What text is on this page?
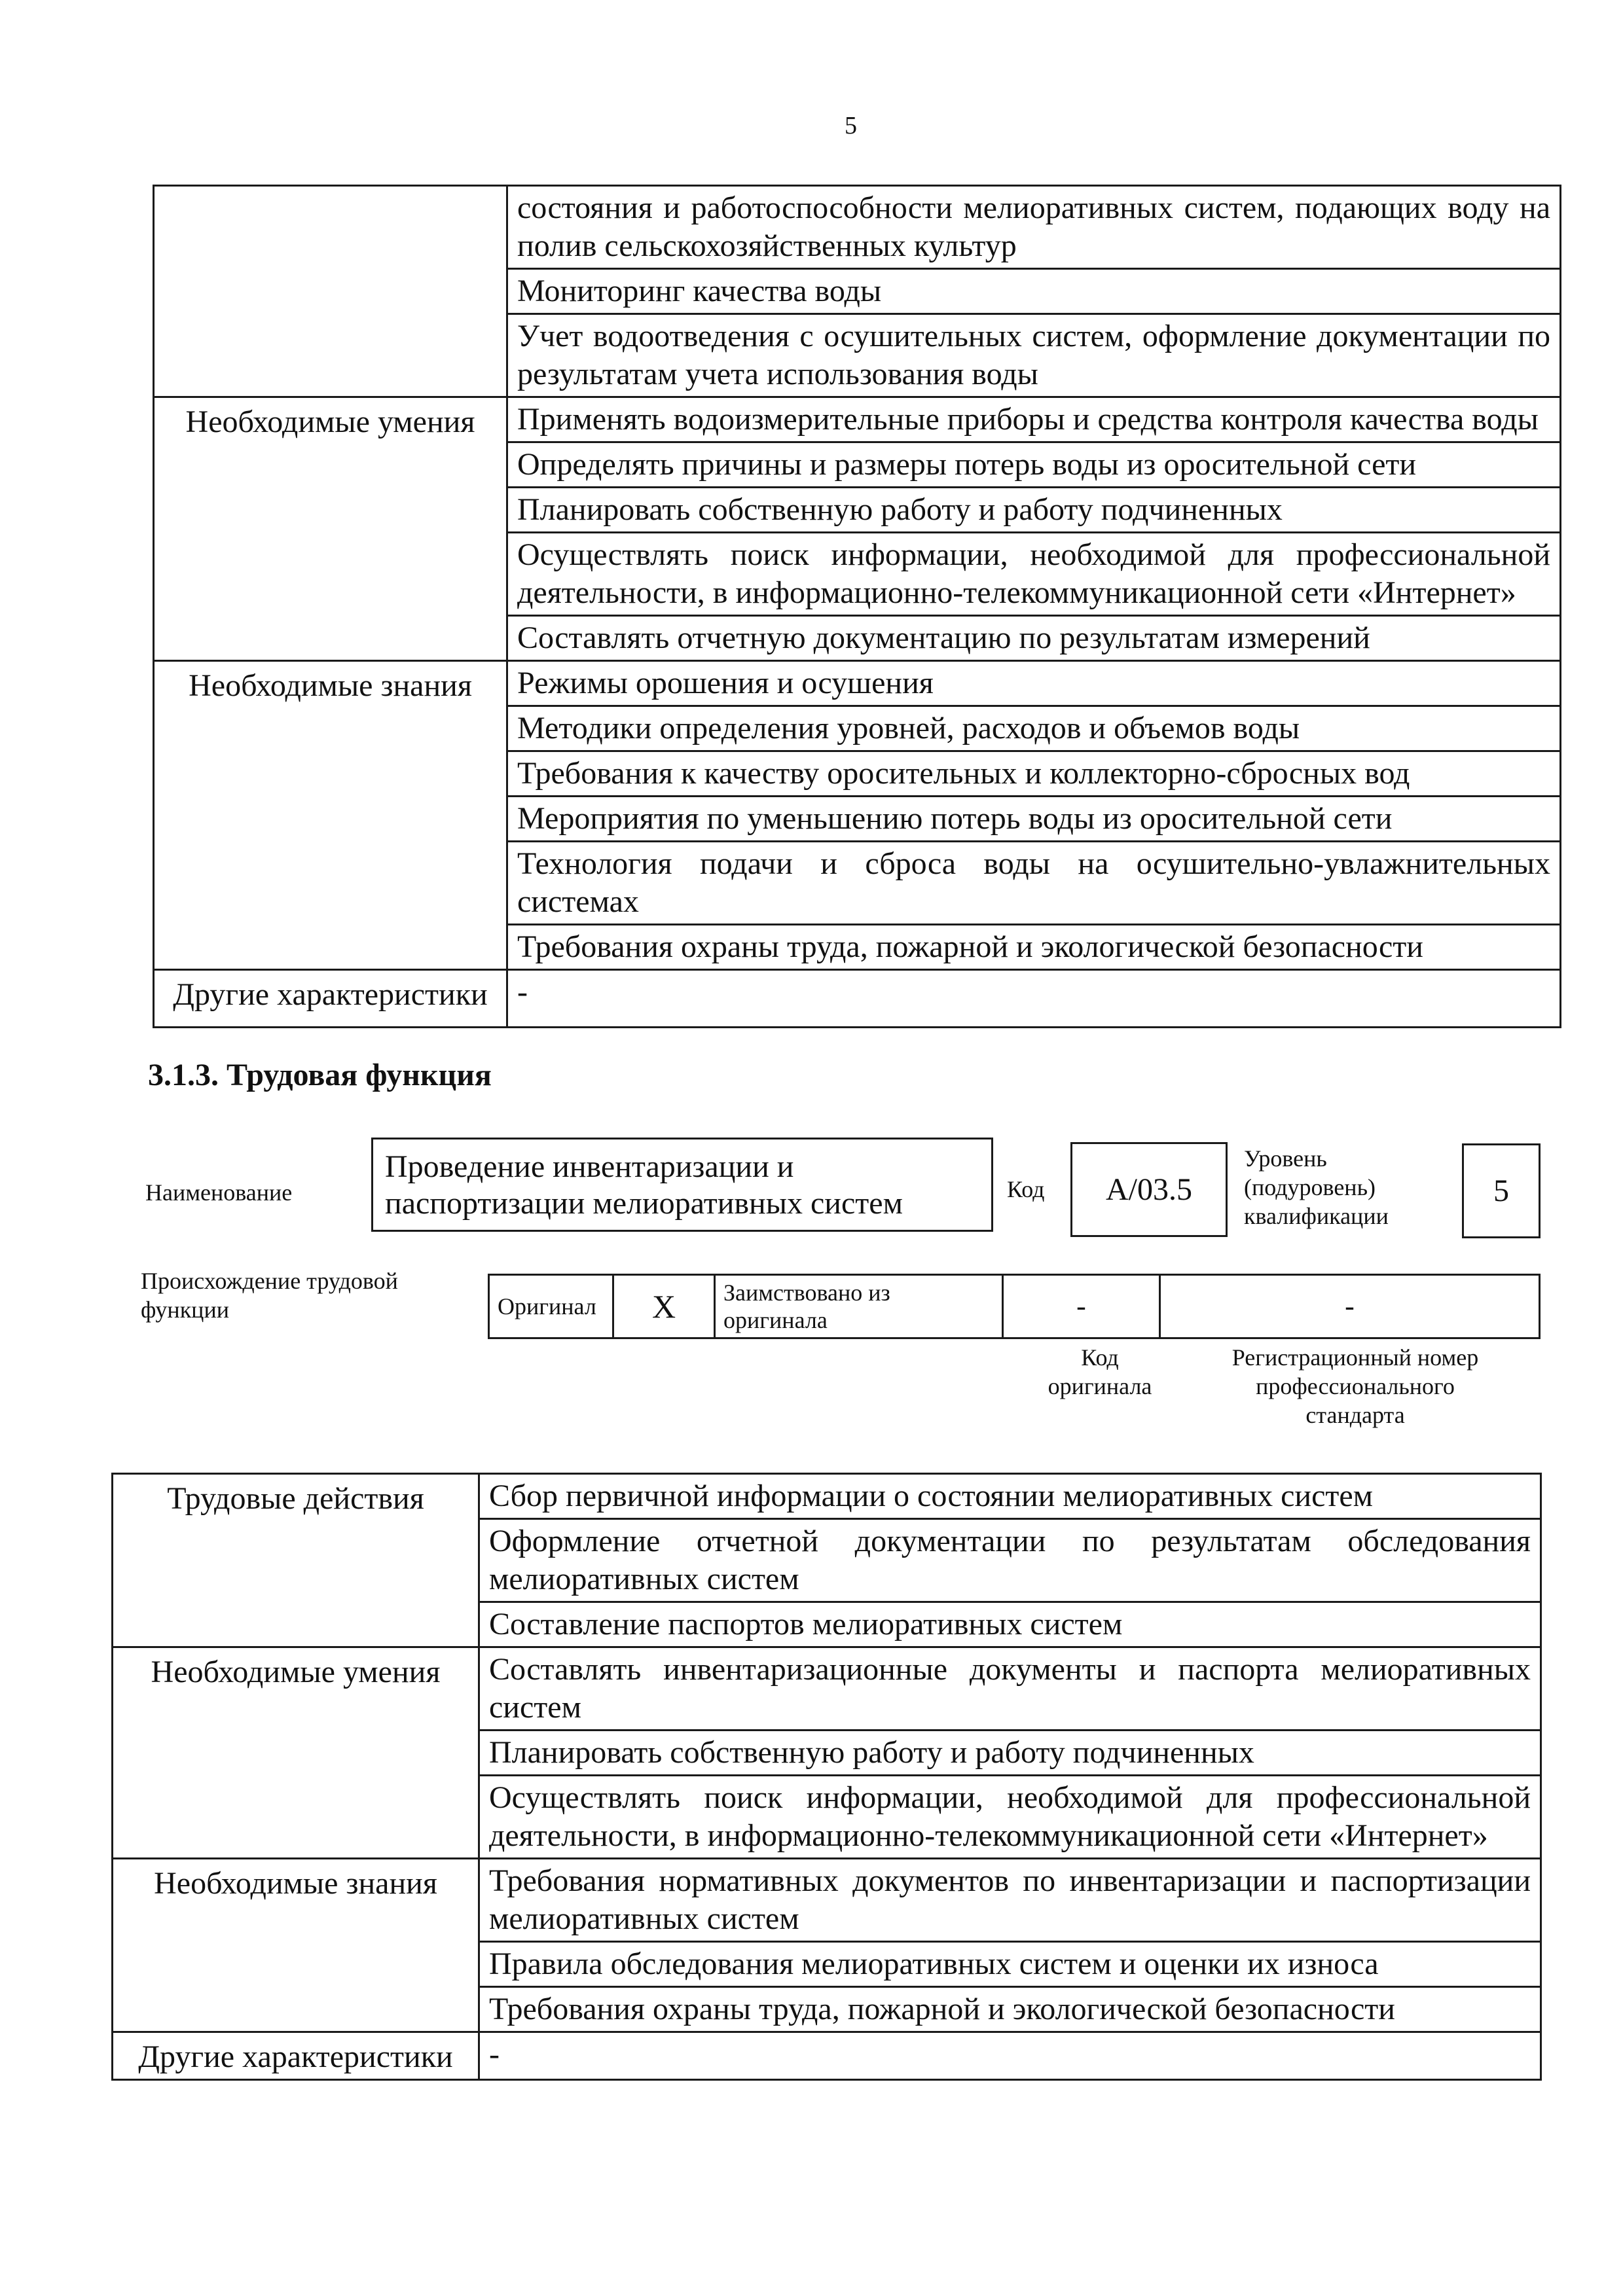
5
	состояния и работоспособности мелиоративных систем, подающих воду на полив сельскохозяйственных культур
	Мониторинг качества воды
	Учет водоотведения с осушительных систем, оформление документации по результатам учета использования воды
Необходимые умения	Применять водоизмерительные приборы и средства контроля качества воды
	Определять причины и размеры потерь воды из оросительной сети
	Планировать собственную работу и работу подчиненных
	Осуществлять поиск информации, необходимой для профессиональной деятельности, в информационно-телекоммуникационной сети «Интернет»
	Составлять отчетную документацию по результатам измерений
Необходимые знания	Режимы орошения и осушения
	Методики определения уровней, расходов и объемов воды
	Требования к качеству оросительных и коллекторно-сбросных вод
	Мероприятия по уменьшению потерь воды из оросительной сети
	Технология подачи и сброса воды на осушительно-увлажнительных системах
	Требования охраны труда, пожарной и экологической безопасности
Другие характеристики	-
3.1.3. Трудовая функция
Наименование
Проведение инвентаризации и паспортизации мелиоративных систем	Код	А/03.5
Уровень (подуровень) квалификации
5
Происхождение трудовой функции	Оригинал	X	Заимствовано из оригинала	-	-
Код оригинала
Регистрационный номер профессионального стандарта
Трудовые действия	Сбор первичной информации о состоянии мелиоративных систем
	Оформление отчетной документации по результатам обследования мелиоративных систем
	Составление паспортов мелиоративных систем
Необходимые умения	Составлять инвентаризационные документы и паспорта мелиоративных систем
	Планировать собственную работу и работу подчиненных
	Осуществлять поиск информации, необходимой для профессиональной деятельности, в информационно-телекоммуникационной сети «Интернет»
Необходимые знания	Требования нормативных документов по инвентаризации и паспортизации мелиоративных систем
	Правила обследования мелиоративных систем и оценки их износа
	Требования охраны труда, пожарной и экологической безопасности
Другие характеристики	-
